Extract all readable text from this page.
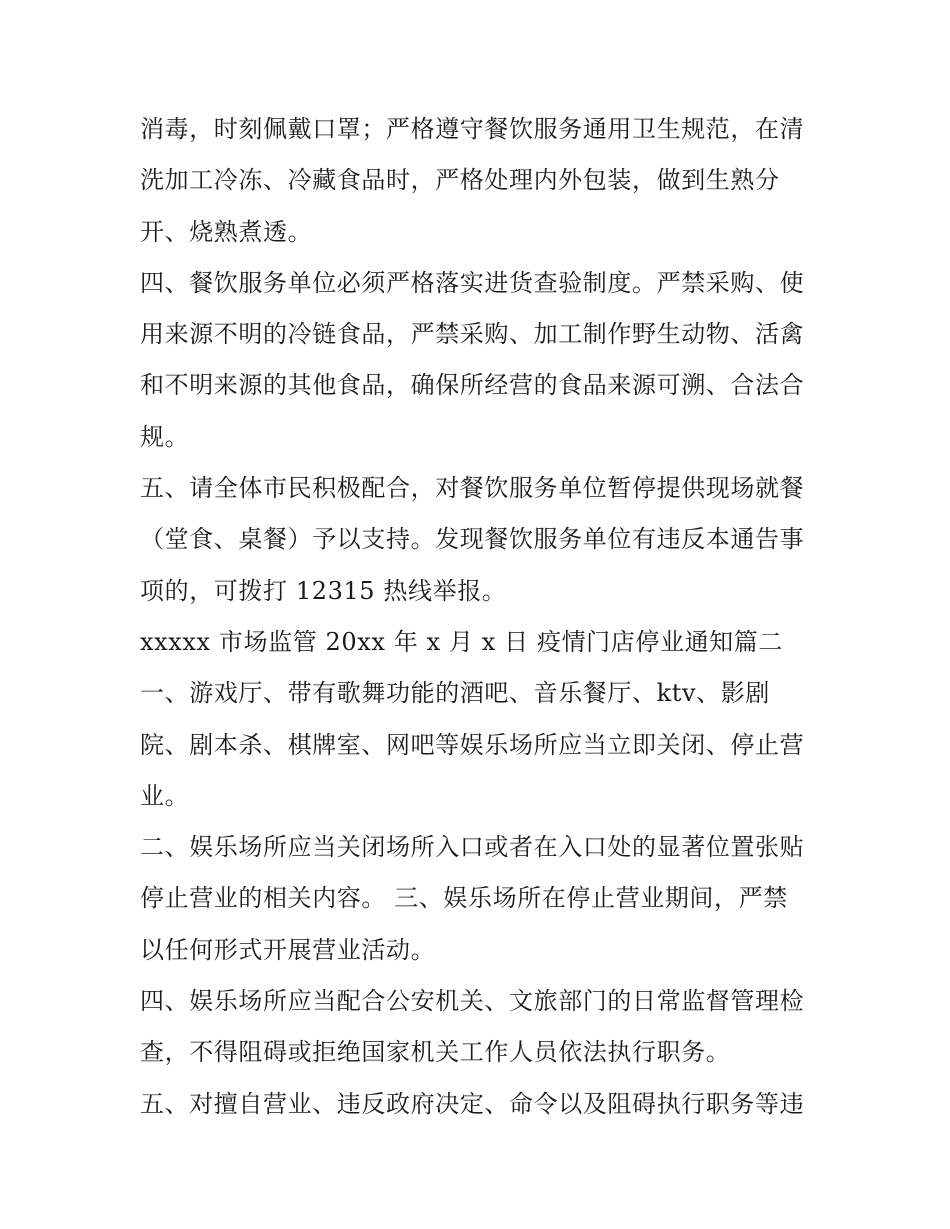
消毒，时刻佩戴口罩；严格遵守餐饮服务通用卫生规范，在清
洗加工冷冻、冷藏食品时，严格处理内外包装，做到生熟分
开、烧熟煮透。
四、餐饮服务单位必须严格落实进货查验制度。严禁采购、使
用来源不明的冷链食品，严禁采购、加工制作野生动物、活禽
和不明来源的其他食品，确保所经营的食品来源可溯、合法合
规。
五、请全体市民积极配合，对餐饮服务单位暂停提供现场就餐
（堂食、桌餐）予以支持。发现餐饮服务单位有违反本通告事
项的，可拨打 12315 热线举报。
xxxxx 市场监管 20xx 年 x 月 x 日 疫情门店停业通知篇二
一、游戏厅、带有歌舞功能的酒吧、音乐餐厅、ktv、影剧
院、剧本杀、棋牌室、网吧等娱乐场所应当立即关闭、停止营
业。
二、娱乐场所应当关闭场所入口或者在入口处的显著位置张贴
停止营业的相关内容。 三、娱乐场所在停止营业期间，严禁
以任何形式开展营业活动。
四、娱乐场所应当配合公安机关、文旅部门的日常监督管理检
查，不得阻碍或拒绝国家机关工作人员依法执行职务。
五、对擅自营业、违反政府决定、命令以及阻碍执行职务等违
